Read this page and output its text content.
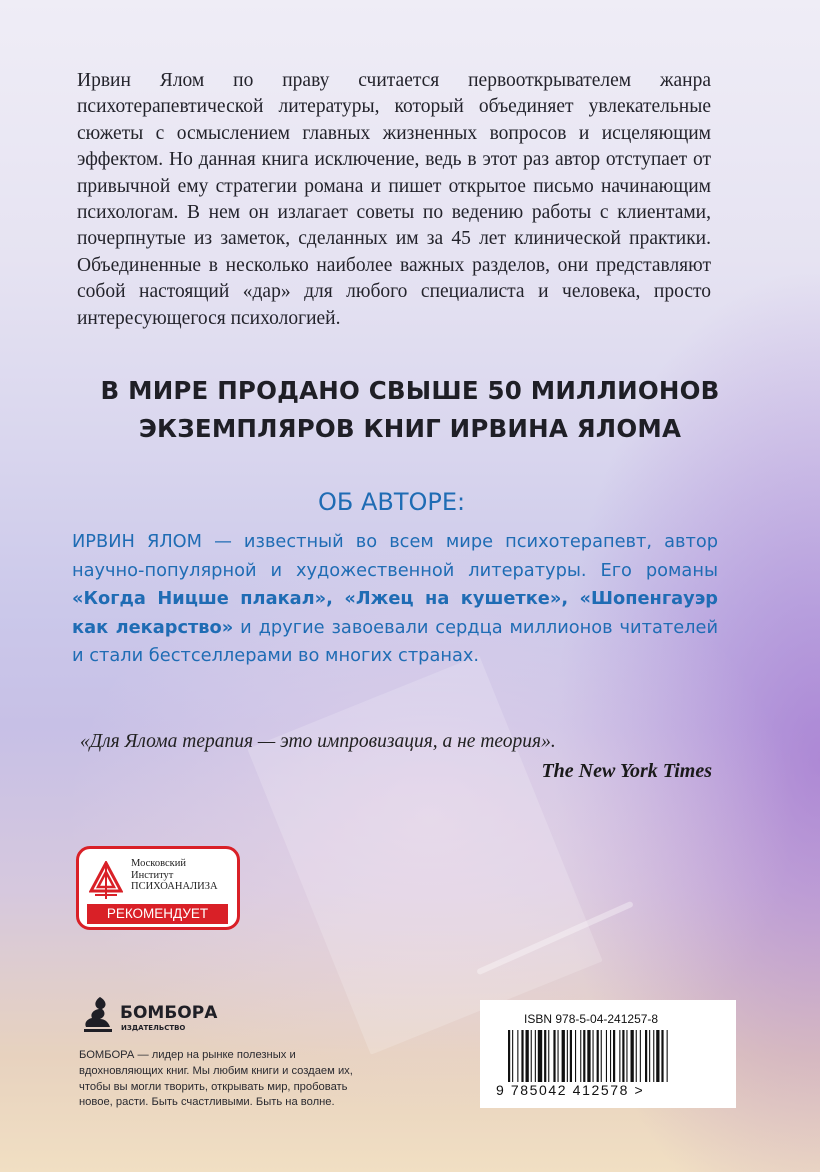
Ирвин Ялом по праву считается первооткрывателем жанра психотерапевтической литературы, который объединяет увлекательные сюжеты с осмыслением главных жизненных вопросов и исцеляющим эффектом. Но данная книга исключение, ведь в этот раз автор отступает от привычной ему стратегии романа и пишет открытое письмо начинающим психологам. В нем он излагает советы по ведению работы с клиентами, почерпнутые из заметок, сделанных им за 45 лет клинической практики. Объединенные в несколько наиболее важных разделов, они представляют собой настоящий «дар» для любого специалиста и человека, просто интересующегося психологией.
В МИРЕ ПРОДАНО СВЫШЕ 50 МИЛЛИОНОВ
ЭКЗЕМПЛЯРОВ КНИГ ИРВИНА ЯЛОМА
ОБ АВТОРЕ:
ИРВИН ЯЛОМ — известный во всем мире психотерапевт, автор научно-популярной и художественной литературы. Его романы «Когда Ницше плакал», «Лжец на кушетке», «Шопенгауэр как лекарство» и другие завоевали сердца миллионов читателей и стали бестселлерами во многих странах.
«Для Ялома терапия — это импровизация, а не теория».
The New York Times
Московский
Институт
ПСИХОАНАЛИЗА
РЕКОМЕНДУЕТ
БОМБОРА
ИЗДАТЕЛЬСТВО
БОМБОРА — лидер на рынке полезных и вдохновляющих книг. Мы любим книги и создаем их, чтобы вы могли творить, открывать мир, пробовать новое, расти. Быть счастливыми. Быть на волне.
ISBN 978-5-04-241257-8
9 785042 412578 >
